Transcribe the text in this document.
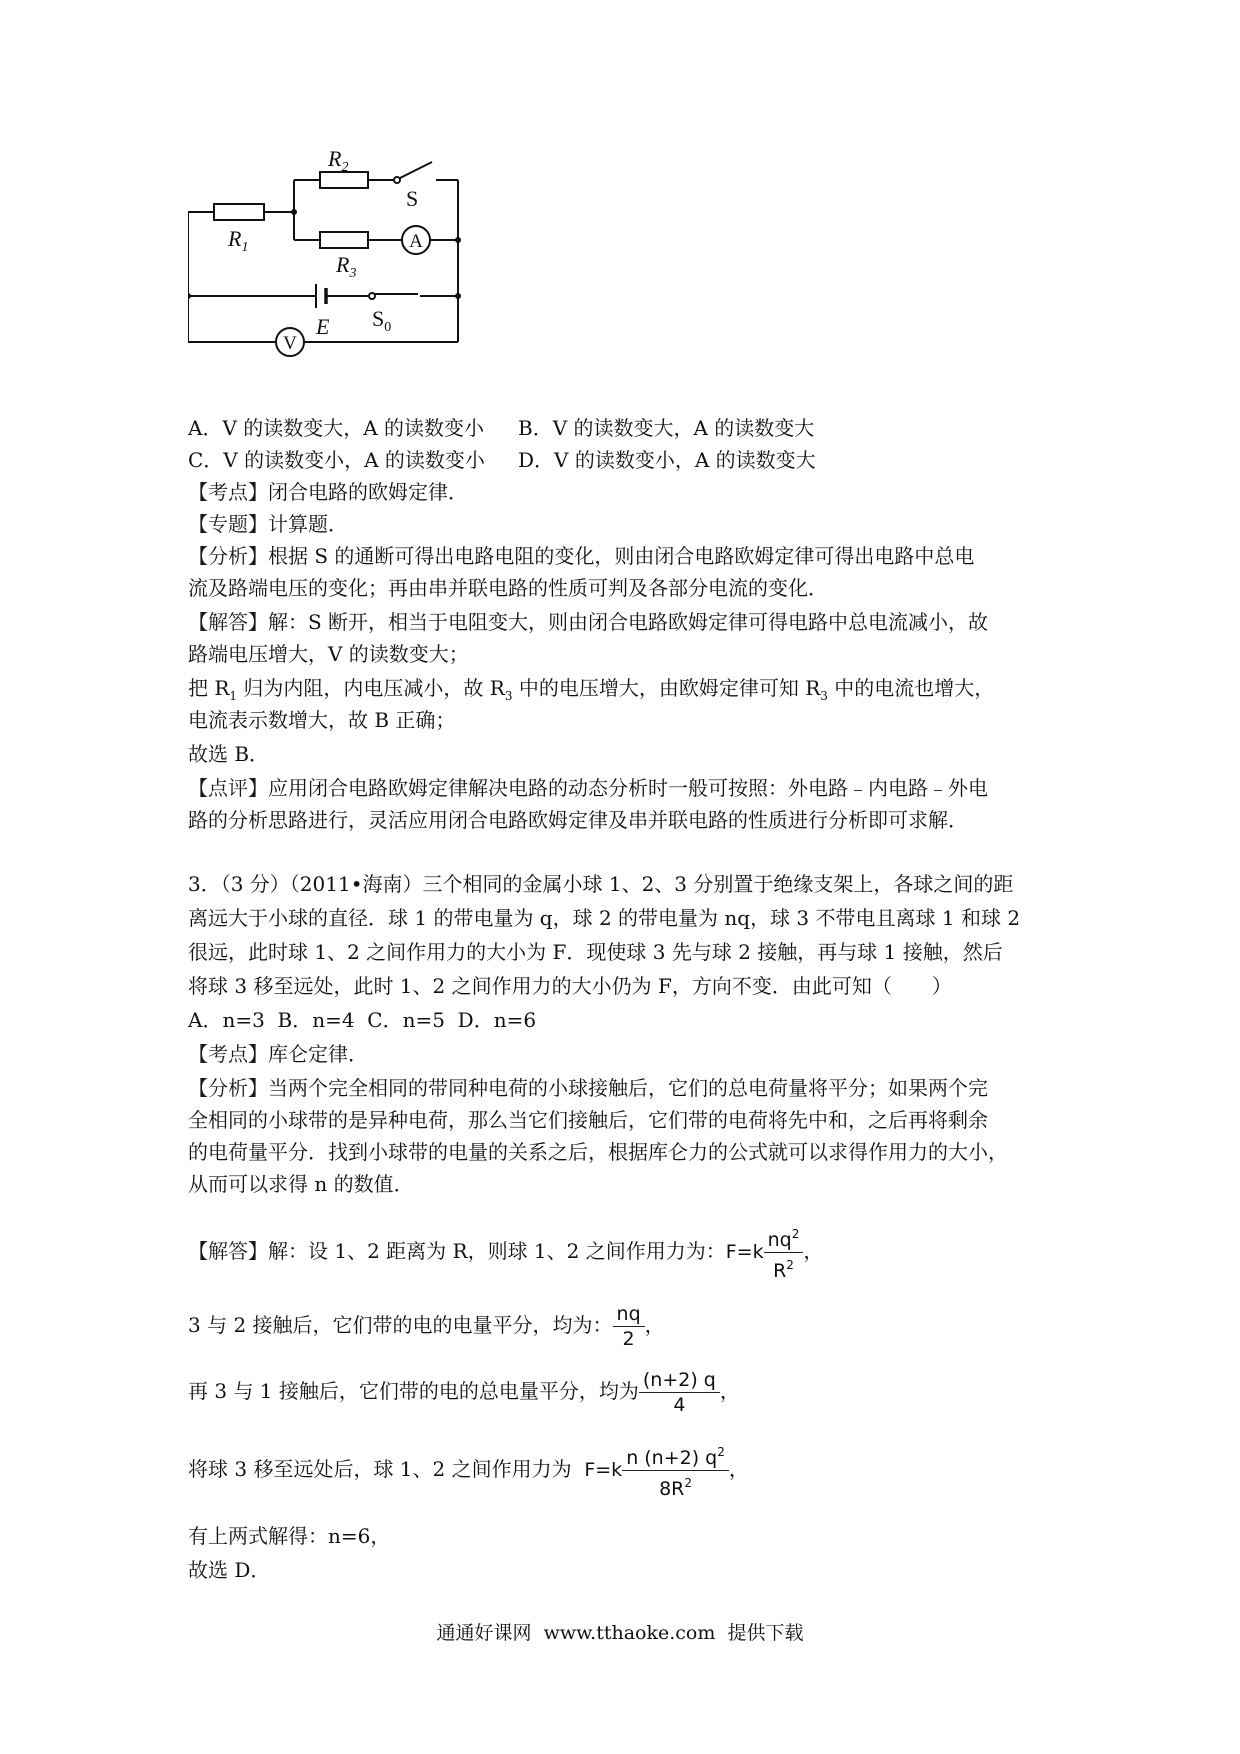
$R_2$
S
$R_1$
$R_3$
A
E $S_0$
V
A．V 的读数变大，A 的读数变小 B．V 的读数变大，A 的读数变大
C．V 的读数变小，A 的读数变小 D．V 的读数变小，A 的读数变大
【考点】闭合电路的欧姆定律．
【专题】计算题．
【分析】根据 S 的通断可得出电路电阻的变化，则由闭合电路欧姆定律可得出电路中总电
流及路端电压的变化；再由串并联电路的性质可判及各部分电流的变化．
【解答】解：S 断开，相当于电阻变大，则由闭合电路欧姆定律可得电路中总电流减小，故
路端电压增大，V 的读数变大；
把 $R_1$ 归为内阻，内电压减小，故 $R_3$ 中的电压增大，由欧姆定律可知 $R_3$ 中的电流也增大，
电流表示数增大，故 B 正确；
故选 B．
【点评】应用闭合电路欧姆定律解决电路的动态分析时一般可按照：外电路﹣内电路﹣外电
路的分析思路进行，灵活应用闭合电路欧姆定律及串并联电路的性质进行分析即可求解．
3．（3 分）（2011•海南）三个相同的金属小球 1、2、3 分别置于绝缘支架上，各球之间的距
离远大于小球的直径．球 1 的带电量为 q，球 2 的带电量为 nq，球 3 不带电且离球 1 和球 2
很远，此时球 1、2 之间作用力的大小为 F．现使球 3 先与球 2 接触，再与球 1 接触，然后
将球 3 移至远处，此时 1、2 之间作用力的大小仍为 F，方向不变．由此可知（　　）
A．n=3  B．n=4  C．n=5  D．n=6
【考点】库仑定律．
【分析】当两个完全相同的带同种电荷的小球接触后，它们的总电荷量将平分；如果两个完
全相同的小球带的是异种电荷，那么当它们接触后，它们带的电荷将先中和，之后再将剩余
的电荷量平分．找到小球带的电量的关系之后，根据库仑力的公式就可以求得作用力的大小，
从而可以求得 n 的数值．
【解答】解：设 1、2 距离为 R，则球 1、2 之间作用力为：$F=k \frac{nq^2}{R^2}$ ，
3 与 2 接触后，它们带的电的电量平分，均为： $\frac{nq}{2}$ ，
再 3 与 1 接触后，它们带的电的总电量平分，均为 $\frac{(n+2) q}{4}$ ，
将球 3 移至远处后，球 1、2 之间作用力为  $F=k \frac{n (n+2) q^2}{8R^2}$ ，
有上两式解得：n=6，
故选 D．
通通好课网  www.tthaoke.com  提供下载
